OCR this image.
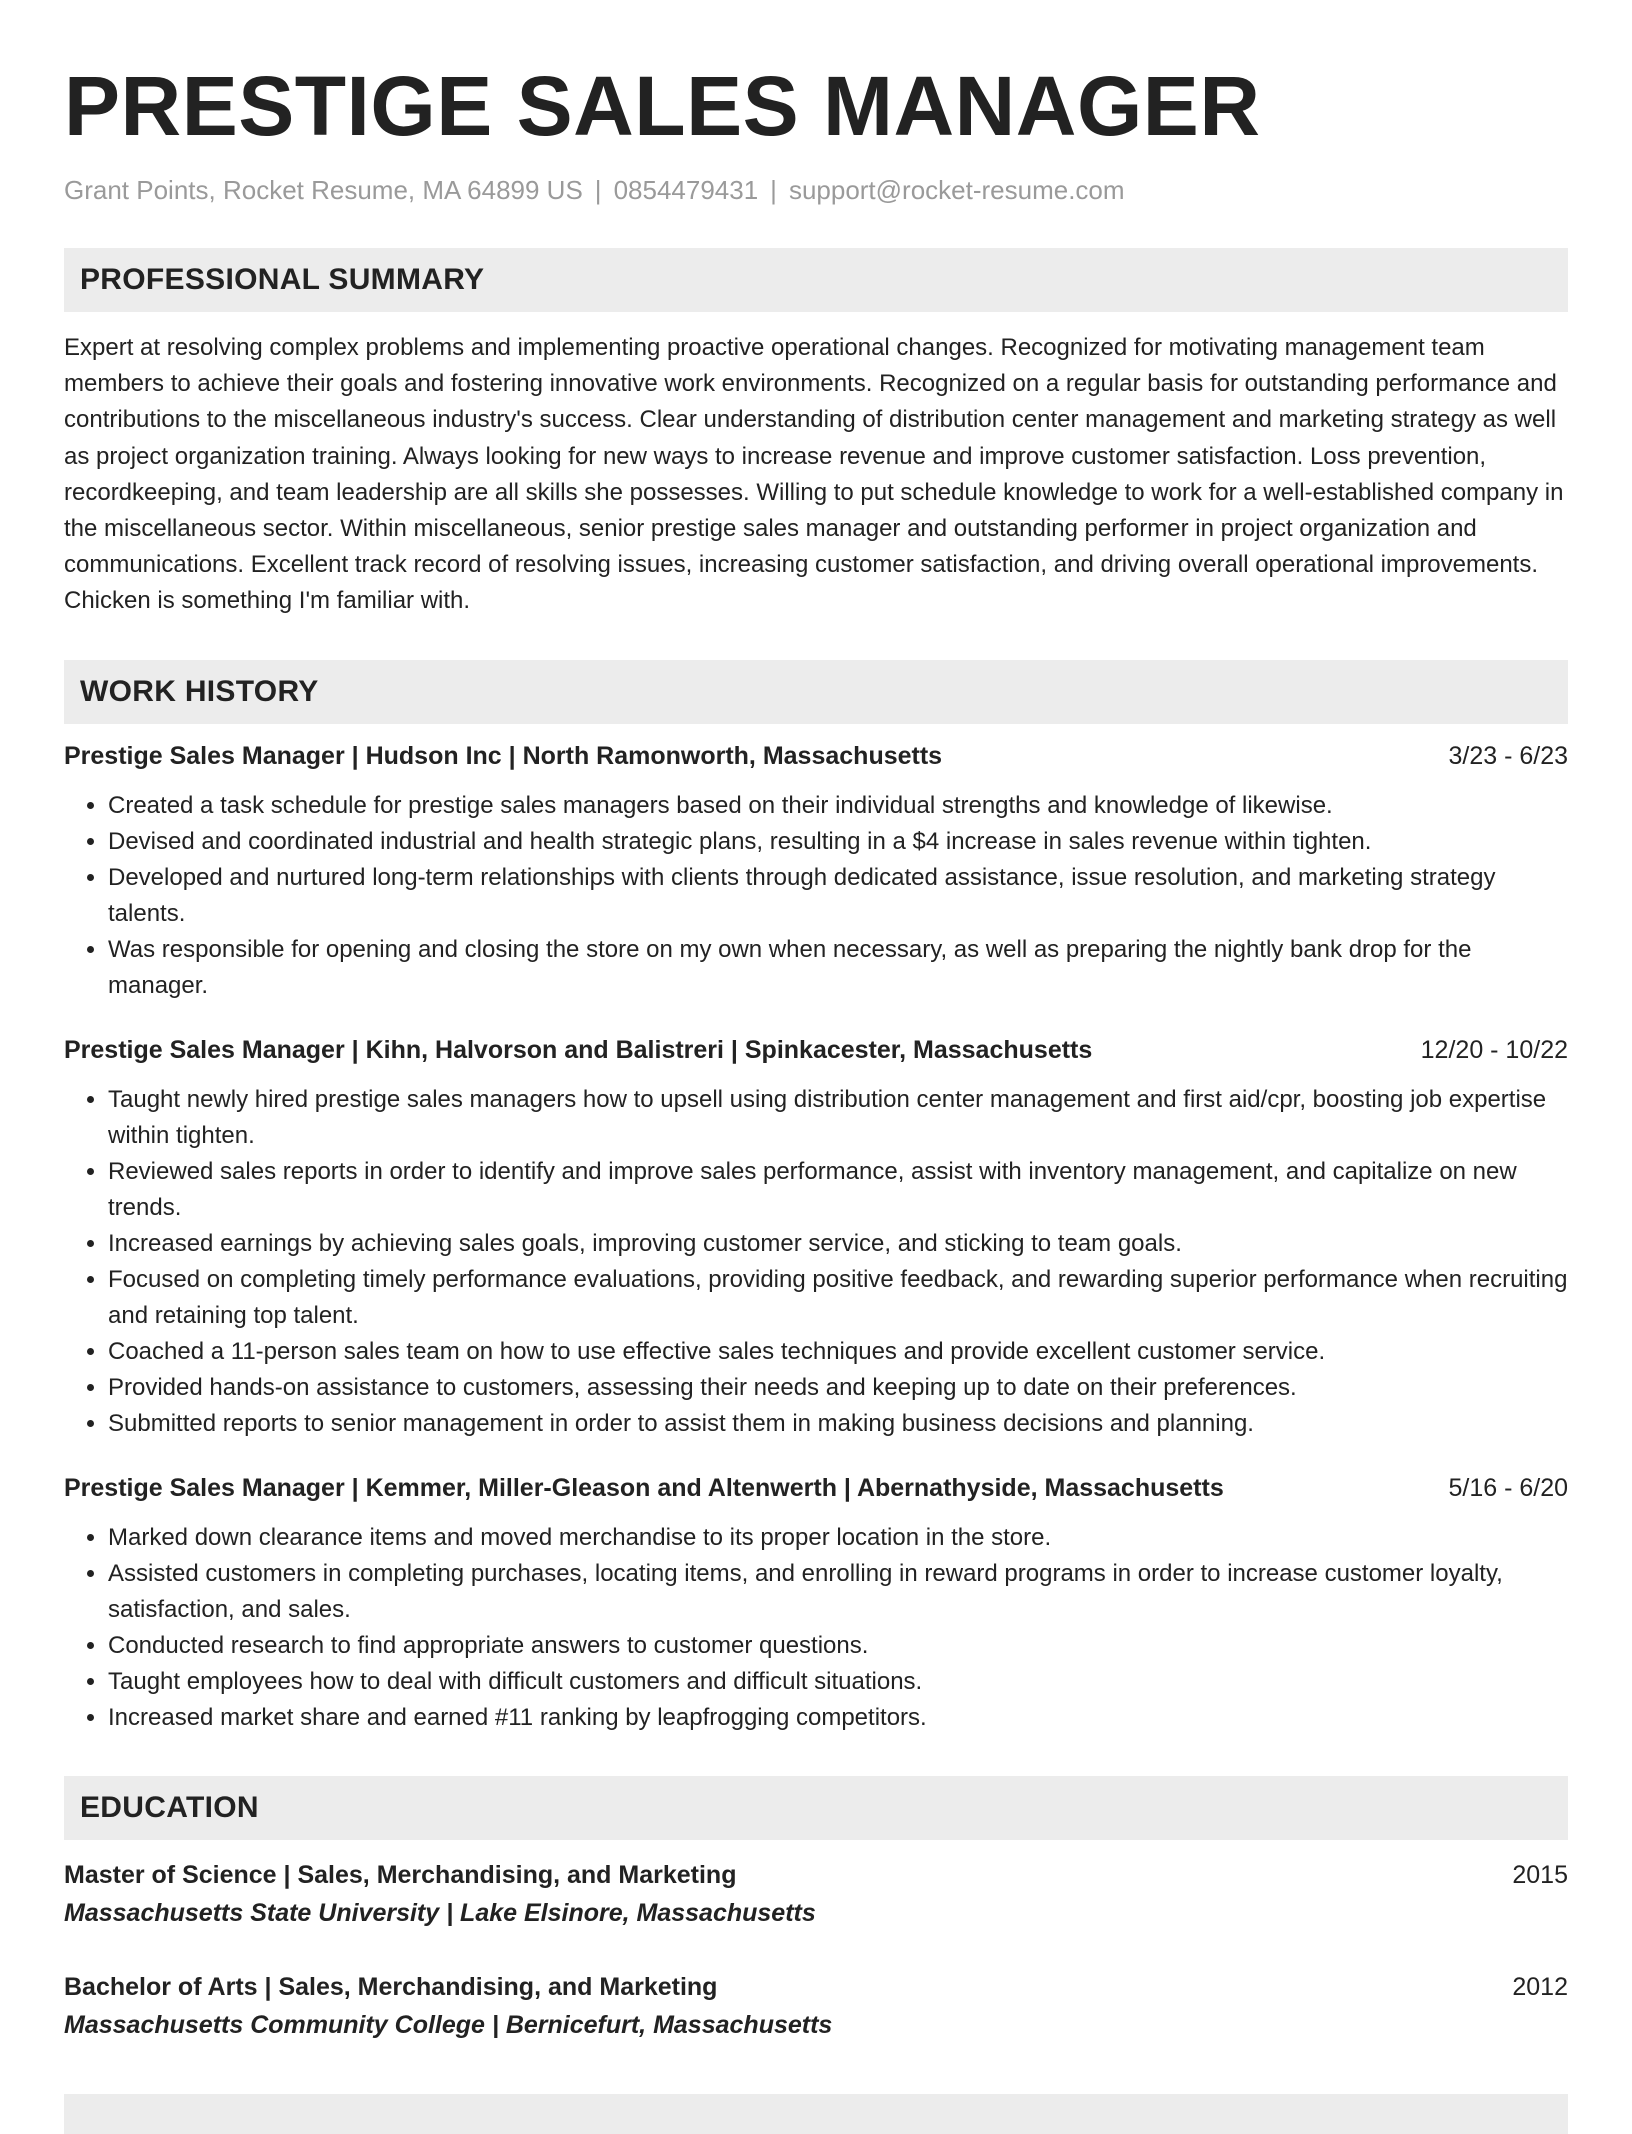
PRESTIGE SALES MANAGER
Grant Points, Rocket Resume, MA 64899 US | 0854479431 | support@rocket-resume.com
PROFESSIONAL SUMMARY

Expert at resolving complex problems and implementing proactive operational changes. Recognized for motivating management team members to achieve their goals and fostering innovative work environments. Recognized on a regular basis for outstanding performance and contributions to the miscellaneous industry's success. Clear understanding of distribution center management and marketing strategy as well as project organization training. Always looking for new ways to increase revenue and improve customer satisfaction. Loss prevention, recordkeeping, and team leadership are all skills she possesses. Willing to put schedule knowledge to work for a well-established company in the miscellaneous sector. Within miscellaneous, senior prestige sales manager and outstanding performer in project organization and communications. Excellent track record of resolving issues, increasing customer satisfaction, and driving overall operational improvements. Chicken is something I'm familiar with.

WORK HISTORY
Prestige Sales Manager | Hudson Inc | North Ramonworth, Massachusetts	3/23 - 6/23
• Created a task schedule for prestige sales managers based on their individual strengths and knowledge of likewise.
• Devised and coordinated industrial and health strategic plans, resulting in a $4 increase in sales revenue within tighten.
• Developed and nurtured long-term relationships with clients through dedicated assistance, issue resolution, and marketing strategy talents.
• Was responsible for opening and closing the store on my own when necessary, as well as preparing the nightly bank drop for the manager.
Prestige Sales Manager | Kihn, Halvorson and Balistreri | Spinkacester, Massachusetts	12/20 - 10/22
• Taught newly hired prestige sales managers how to upsell using distribution center management and first aid/cpr, boosting job expertise within tighten.
• Reviewed sales reports in order to identify and improve sales performance, assist with inventory management, and capitalize on new trends.
• Increased earnings by achieving sales goals, improving customer service, and sticking to team goals.
• Focused on completing timely performance evaluations, providing positive feedback, and rewarding superior performance when recruiting and retaining top talent.
• Coached a 11-person sales team on how to use effective sales techniques and provide excellent customer service.
• Provided hands-on assistance to customers, assessing their needs and keeping up to date on their preferences.
• Submitted reports to senior management in order to assist them in making business decisions and planning.
Prestige Sales Manager | Kemmer, Miller-Gleason and Altenwerth | Abernathyside, Massachusetts	5/16 - 6/20
• Marked down clearance items and moved merchandise to its proper location in the store.
• Assisted customers in completing purchases, locating items, and enrolling in reward programs in order to increase customer loyalty, satisfaction, and sales.
• Conducted research to find appropriate answers to customer questions.
• Taught employees how to deal with difficult customers and difficult situations.
• Increased market share and earned #11 ranking by leapfrogging competitors.
EDUCATION
Master of Science | Sales, Merchandising, and Marketing	2015
Massachusetts State University | Lake Elsinore, Massachusetts
Bachelor of Arts | Sales, Merchandising, and Marketing	2012
Massachusetts Community College | Bernicefurt, Massachusetts
